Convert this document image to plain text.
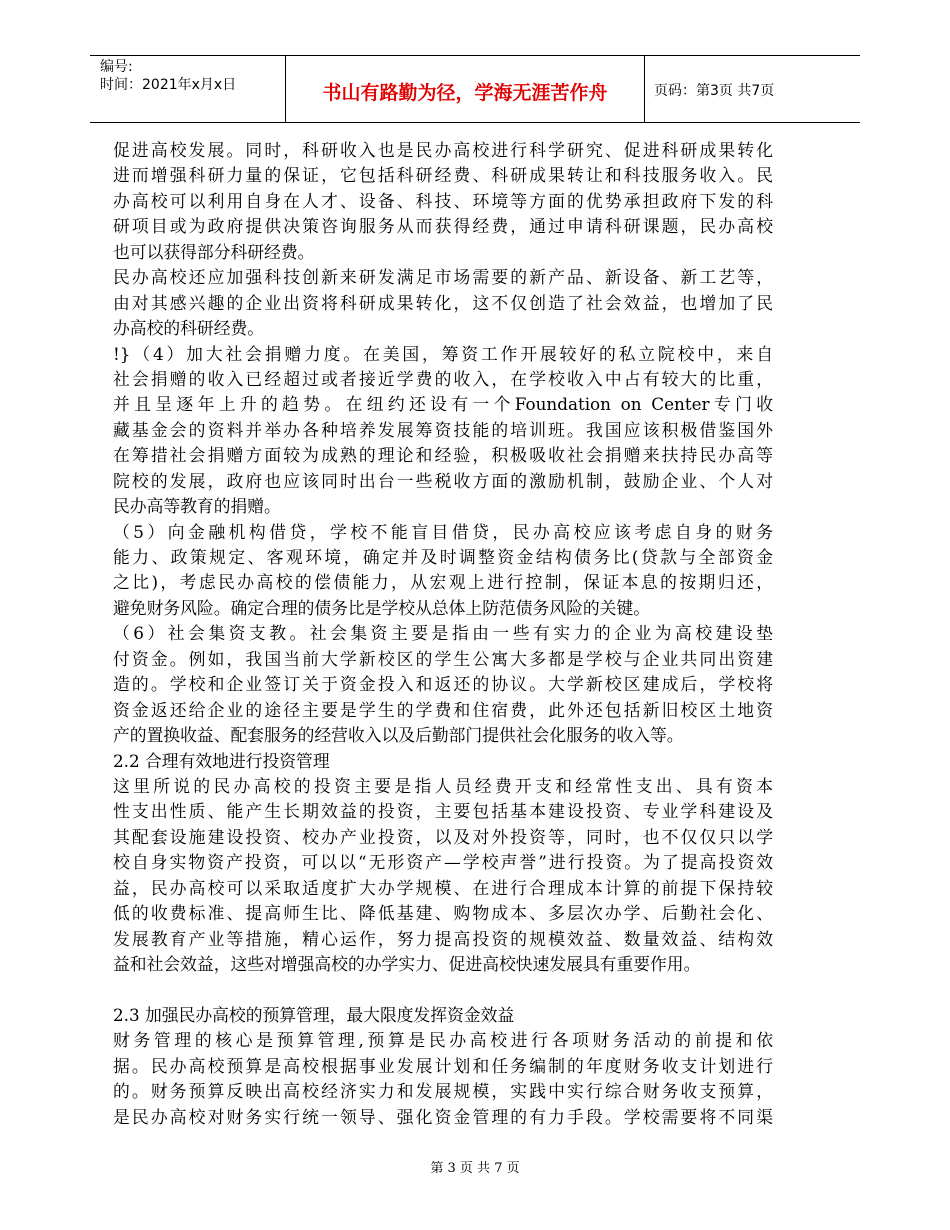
编号:
时间：2021年x月x日	书山有路勤为径，学海无涯苦作舟	页码：第3页 共7页
促进高校发展。同时，科研收入也是民办高校进行科学研究、促进科研成果转化
进而增强科研力量的保证，它包括科研经费、科研成果转让和科技服务收入。民
办高校可以利用自身在人才、设备、科技、环境等方面的优势承担政府下发的科
研项目或为政府提供决策咨询服务从而获得经费，通过申请科研课题，民办高校
也可以获得部分科研经费。
民办高校还应加强科技创新来研发满足市场需要的新产品、新设备、新工艺等，
由对其感兴趣的企业出资将科研成果转化，这不仅创造了社会效益，也增加了民
办高校的科研经费。
!}（4）加大社会捐赠力度。在美国，筹资工作开展较好的私立院校中，来自
社会捐赠的收入已经超过或者接近学费的收入，在学校收入中占有较大的比重，
并且呈逐年上升的趋势。在纽约还设有一个Foundation on Center专门收
藏基金会的资料并举办各种培养发展筹资技能的培训班。我国应该积极借鉴国外
在筹措社会捐赠方面较为成熟的理论和经验，积极吸收社会捐赠来扶持民办高等
院校的发展，政府也应该同时出台一些税收方面的激励机制，鼓励企业、个人对
民办高等教育的捐赠。
（5）向金融机构借贷，学校不能盲目借贷，民办高校应该考虑自身的财务
能力、政策规定、客观环境，确定并及时调整资金结构债务比(贷款与全部资金
之比)，考虑民办高校的偿债能力，从宏观上进行控制，保证本息的按期归还，
避免财务风险。确定合理的债务比是学校从总体上防范债务风险的关键。
（6）社会集资支教。社会集资主要是指由一些有实力的企业为高校建设垫
付资金。例如，我国当前大学新校区的学生公寓大多都是学校与企业共同出资建
造的。学校和企业签订关于资金投入和返还的协议。大学新校区建成后，学校将
资金返还给企业的途径主要是学生的学费和住宿费，此外还包括新旧校区土地资
产的置换收益、配套服务的经营收入以及后勤部门提供社会化服务的收入等。
2.2 合理有效地进行投资管理
这里所说的民办高校的投资主要是指人员经费开支和经常性支出、具有资本
性支出性质、能产生长期效益的投资，主要包括基本建设投资、专业学科建设及
其配套设施建设投资、校办产业投资，以及对外投资等，同时，也不仅仅只以学
校自身实物资产投资，可以以“无形资产—学校声誉”进行投资。为了提高投资效
益，民办高校可以采取适度扩大办学规模、在进行合理成本计算的前提下保持较
低的收费标准、提高师生比、降低基建、购物成本、多层次办学、后勤社会化、
发展教育产业等措施，精心运作，努力提高投资的规模效益、数量效益、结构效
益和社会效益，这些对增强高校的办学实力、促进高校快速发展具有重要作用。
2.3 加强民办高校的预算管理，最大限度发挥资金效益
财务管理的核心是预算管理,预算是民办高校进行各项财务活动的前提和依
据。民办高校预算是高校根据事业发展计划和任务编制的年度财务收支计划进行
的。财务预算反映出高校经济实力和发展规模，实践中实行综合财务收支预算，
是民办高校对财务实行统一领导、强化资金管理的有力手段。学校需要将不同渠
第 3 页 共 7 页
